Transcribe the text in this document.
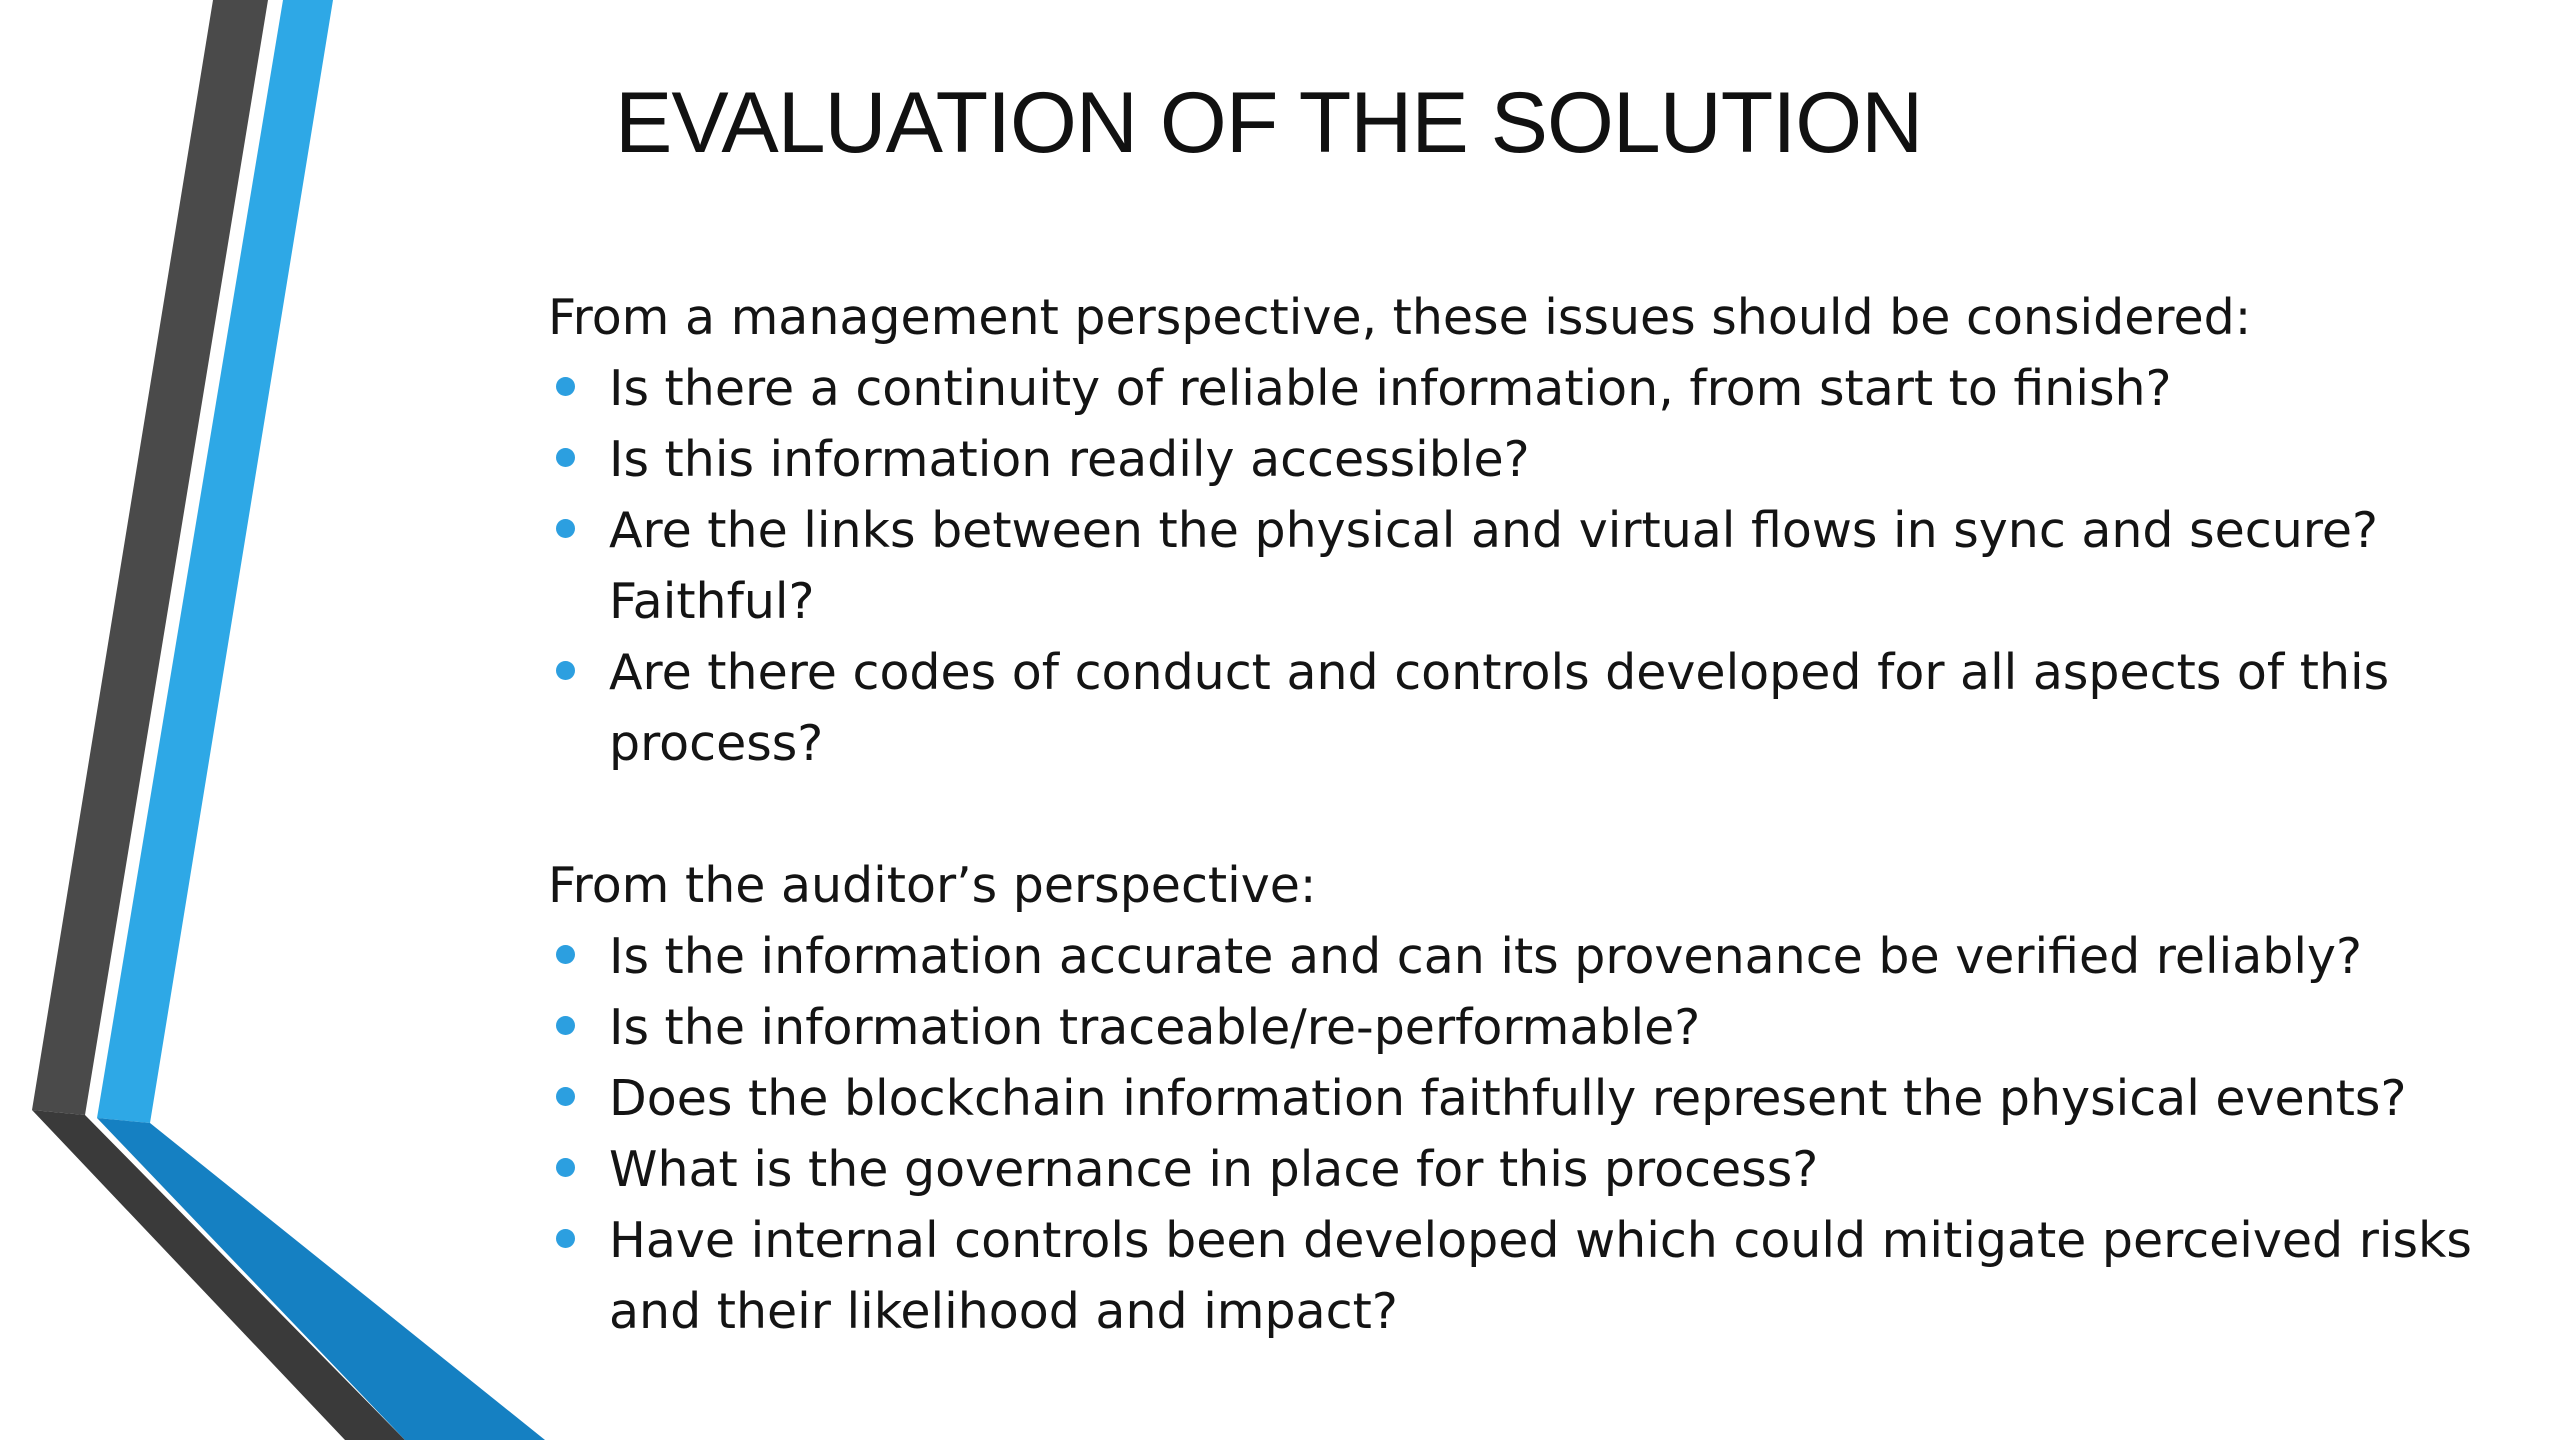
EVALUATION OF THE SOLUTION

From a management perspective, these issues should be considered:

Is there a continuity of reliable information, from start to finish?
Is this information readily accessible?
Are the links between the physical and virtual flows in sync and secure? Faithful?
Are there codes of conduct and controls developed for all aspects of this process?

From the auditor’s perspective:

Is the information accurate and can its provenance be verified reliably?
Is the information traceable/re-performable?
Does the blockchain information faithfully represent the physical events?
What is the governance in place for this process?
Have internal controls been developed which could mitigate perceived risks and their likelihood and impact?
